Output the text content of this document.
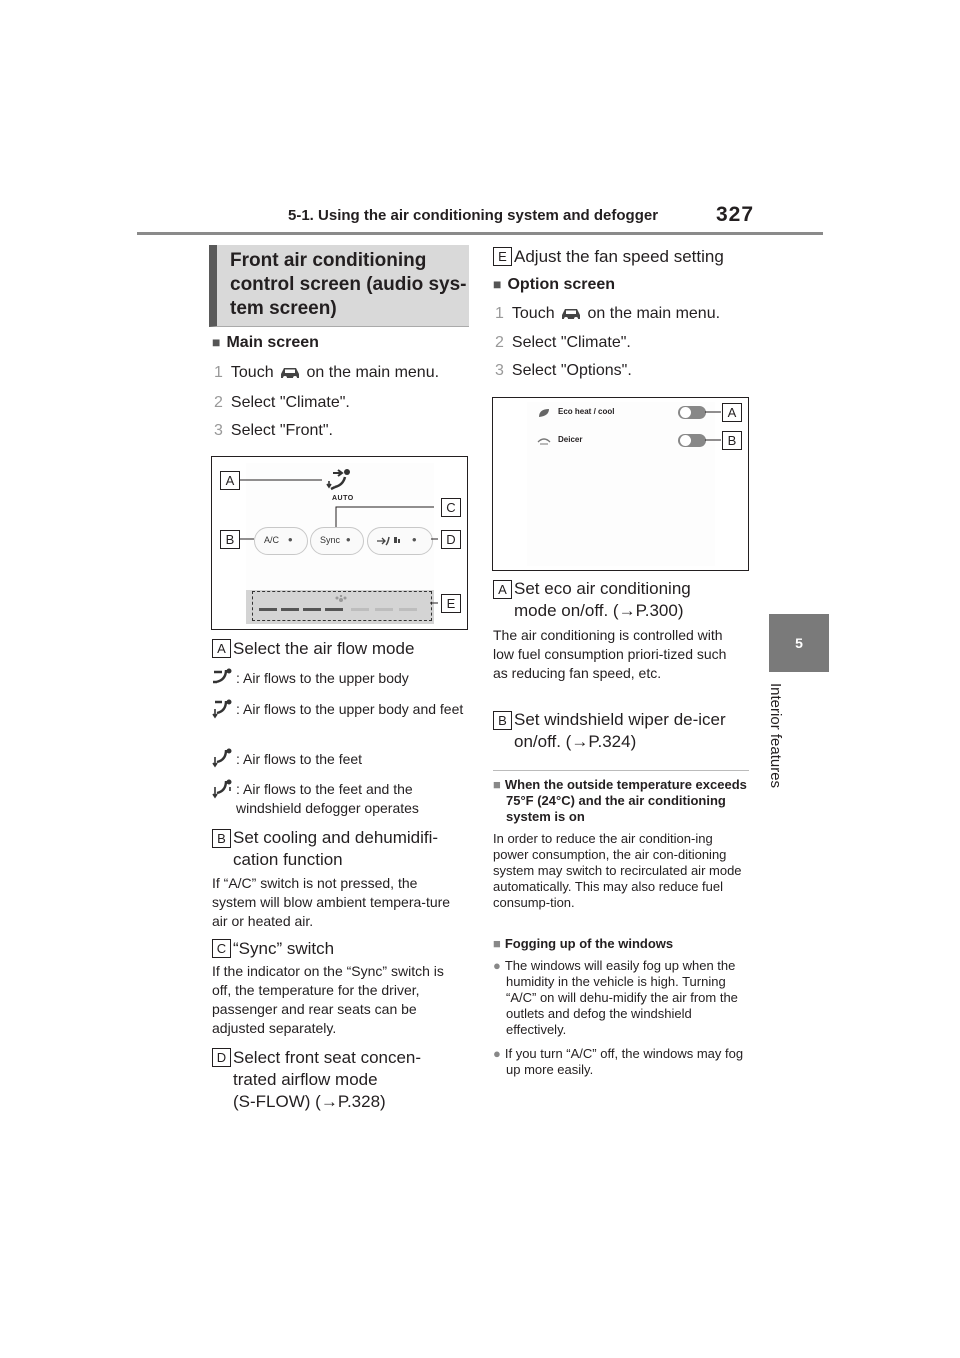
5-1. Using the air conditioning system and defogger	327
5
Interior features
Front air conditioning control screen (audio sys-tem screen)
■ Main screen
1 Touch on the main menu.
2 Select "Climate".
3 Select "Front".
AUTO
A/C •	Sync •	•
A
B
C
D
E
A Select the air flow mode
: Air flows to the upper body
: Air flows to the upper body and feet
: Air flows to the feet
: Air flows to the feet and the windshield defogger operates
B Set cooling and dehumidifi-
cation function
If “A/C” switch is not pressed, the system will blow ambient tempera-ture air or heated air.
C “Sync” switch
If the indicator on the “Sync” switch is off, the temperature for the driver, passenger and rear seats can be adjusted separately.
D Select front seat concen-
trated airflow mode
(S-FLOW) (→P.328)
E Adjust the fan speed setting
■ Option screen
1 Touch on the main menu.
2 Select "Climate".
3 Select "Options".
Eco heat / cool
Deicer
A
B
A Set eco air conditioning
mode on/off. (→P.300)
The air conditioning is controlled with low fuel consumption priori-tized such as reducing fan speed, etc.
B Set windshield wiper de-icer
on/off. (→P.324)
■ When the outside temperature exceeds 75°F (24°C) and the air conditioning system is on
In order to reduce the air condition-ing power consumption, the air con-ditioning system may switch to recirculated air mode automatically. This may also reduce fuel consump-tion.
■ Fogging up of the windows
● The windows will easily fog up when the humidity in the vehicle is high. Turning “A/C” on will dehu-midify the air from the outlets and defog the windshield effectively.
● If you turn “A/C” off, the windows may fog up more easily.
